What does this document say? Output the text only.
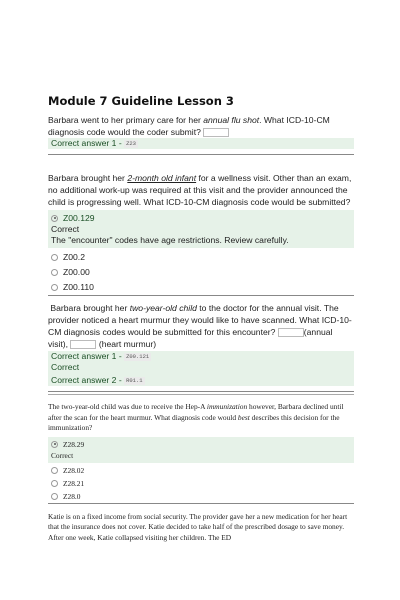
Module 7 Guideline Lesson 3
Barbara went to her primary care for her annual flu shot. What ICD-10-CM diagnosis code would the coder submit?
Correct answer 1 - Z23
Barbara brought her 2-month old infant for a wellness visit. Other than an exam, no additional work-up was required at this visit and the provider announced the child is progressing well. What ICD-10-CM diagnosis code would be submitted?
Z00.129
Correct
The "encounter" codes have age restrictions. Review carefully.
Z00.2
Z00.00
Z00.110
Barbara brought her two-year-old child to the doctor for the annual visit. The provider noticed a heart murmur they would like to have scanned. What ICD-10-CM diagnosis codes would be submitted for this encounter?	(annual visit),	(heart murmur)
Correct answer 1 - Z00.121
Correct
Correct answer 2 - R01.1
The two-year-old child was due to receive the Hep-A immunization however, Barbara declined until after the scan for the heart murmur. What diagnosis code would best describes this decision for the immunization?
Z28.29
Correct
Z28.02
Z28.21
Z28.0
Katie is on a fixed income from social security. The provider gave her a new medication for her heart that the insurance does not cover. Katie decided to take half of the prescribed dosage to save money. After one week, Katie collapsed visiting her children. The ED
